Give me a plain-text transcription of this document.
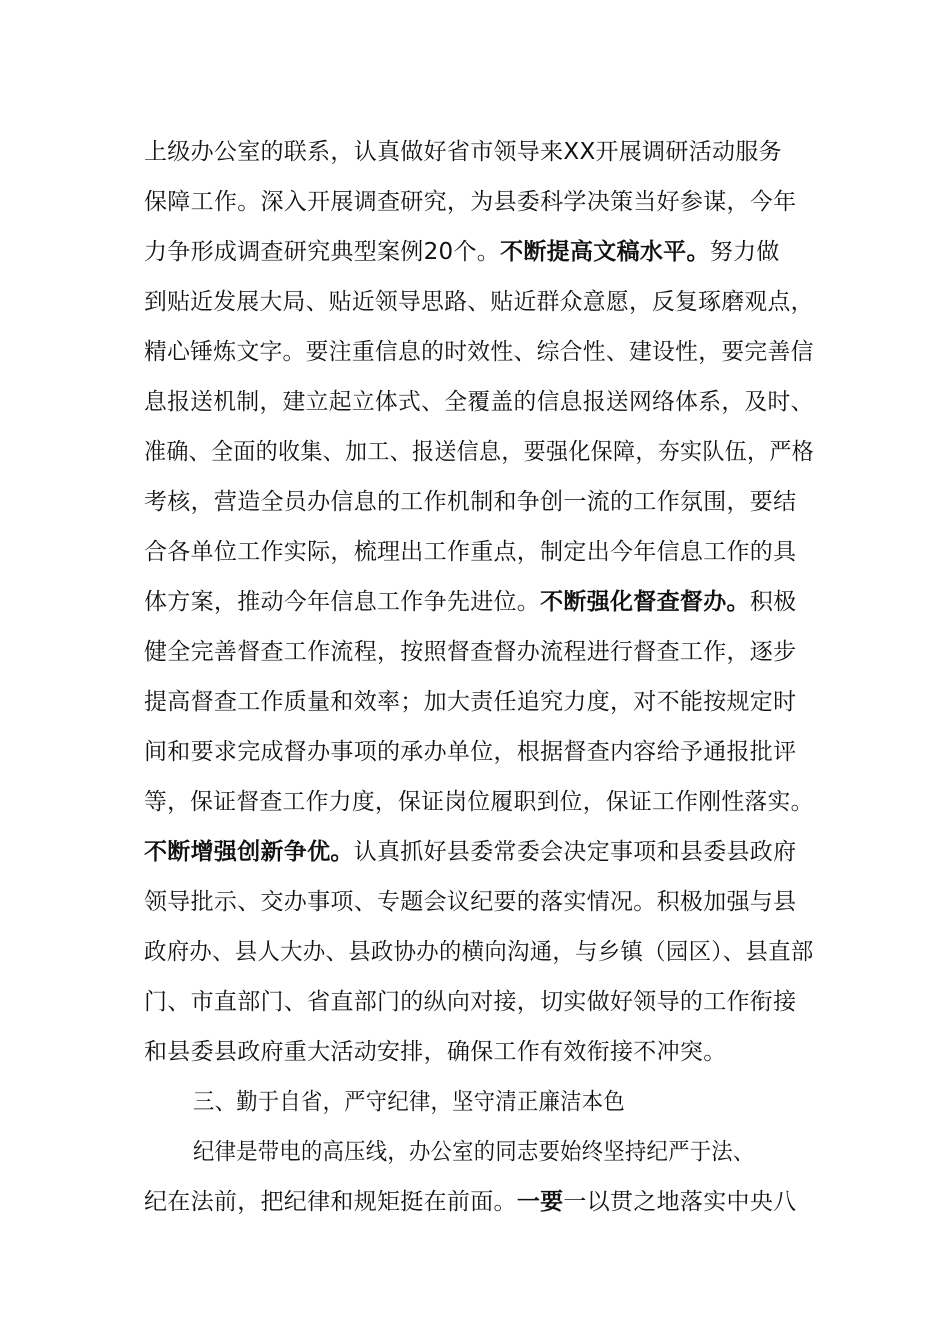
上级办公室的联系，认真做好省市领导来XX开展调研活动服务
保障工作。深入开展调查研究，为县委科学决策当好参谋，今年
力争形成调查研究典型案例20个。不断提高文稿水平。努力做
到贴近发展大局、贴近领导思路、贴近群众意愿，反复琢磨观点，
精心锤炼文字。要注重信息的时效性、综合性、建设性，要完善信
息报送机制，建立起立体式、全覆盖的信息报送网络体系，及时、
准确、全面的收集、加工、报送信息，要强化保障，夯实队伍，严格
考核，营造全员办信息的工作机制和争创一流的工作氛围，要结
合各单位工作实际，梳理出工作重点，制定出今年信息工作的具
体方案，推动今年信息工作争先进位。不断强化督查督办。积极
健全完善督查工作流程，按照督查督办流程进行督查工作，逐步
提高督查工作质量和效率；加大责任追究力度，对不能按规定时
间和要求完成督办事项的承办单位，根据督查内容给予通报批评
等，保证督查工作力度，保证岗位履职到位，保证工作刚性落实。
不断增强创新争优。认真抓好县委常委会决定事项和县委县政府
领导批示、交办事项、专题会议纪要的落实情况。积极加强与县
政府办、县人大办、县政协办的横向沟通，与乡镇（园区）、县直部
门、市直部门、省直部门的纵向对接，切实做好领导的工作衔接
和县委县政府重大活动安排，确保工作有效衔接不冲突。
三、勤于自省，严守纪律，坚守清正廉洁本色
纪律是带电的高压线，办公室的同志要始终坚持纪严于法、
纪在法前，把纪律和规矩挺在前面。一要一以贯之地落实中央八
